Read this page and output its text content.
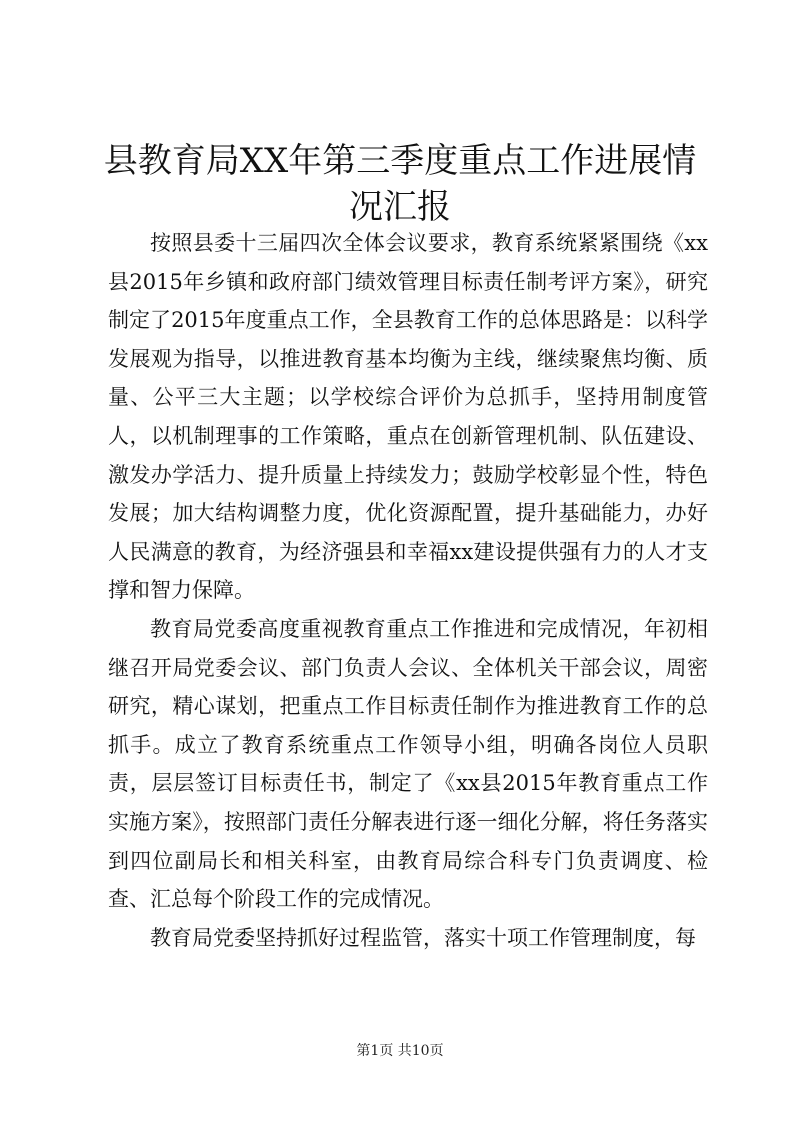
县教育局XX年第三季度重点工作进展情况汇报

按照县委十三届四次全体会议要求，教育系统紧紧围绕《xx县2015年乡镇和政府部门绩效管理目标责任制考评方案》，研究制定了2015年度重点工作，全县教育工作的总体思路是：以科学发展观为指导，以推进教育基本均衡为主线，继续聚焦均衡、质量、公平三大主题；以学校综合评价为总抓手，坚持用制度管人，以机制理事的工作策略，重点在创新管理机制、队伍建设、激发办学活力、提升质量上持续发力；鼓励学校彰显个性，特色发展；加大结构调整力度，优化资源配置，提升基础能力，办好人民满意的教育，为经济强县和幸福xx建设提供强有力的人才支撑和智力保障。

教育局党委高度重视教育重点工作推进和完成情况，年初相继召开局党委会议、部门负责人会议、全体机关干部会议，周密研究，精心谋划，把重点工作目标责任制作为推进教育工作的总抓手。成立了教育系统重点工作领导小组，明确各岗位人员职责，层层签订目标责任书，制定了《xx县2015年教育重点工作实施方案》，按照部门责任分解表进行逐一细化分解，将任务落实到四位副局长和相关科室，由教育局综合科专门负责调度、检查、汇总每个阶段工作的完成情况。

教育局党委坚持抓好过程监管，落实十项工作管理制度，每

第1页 共10页
